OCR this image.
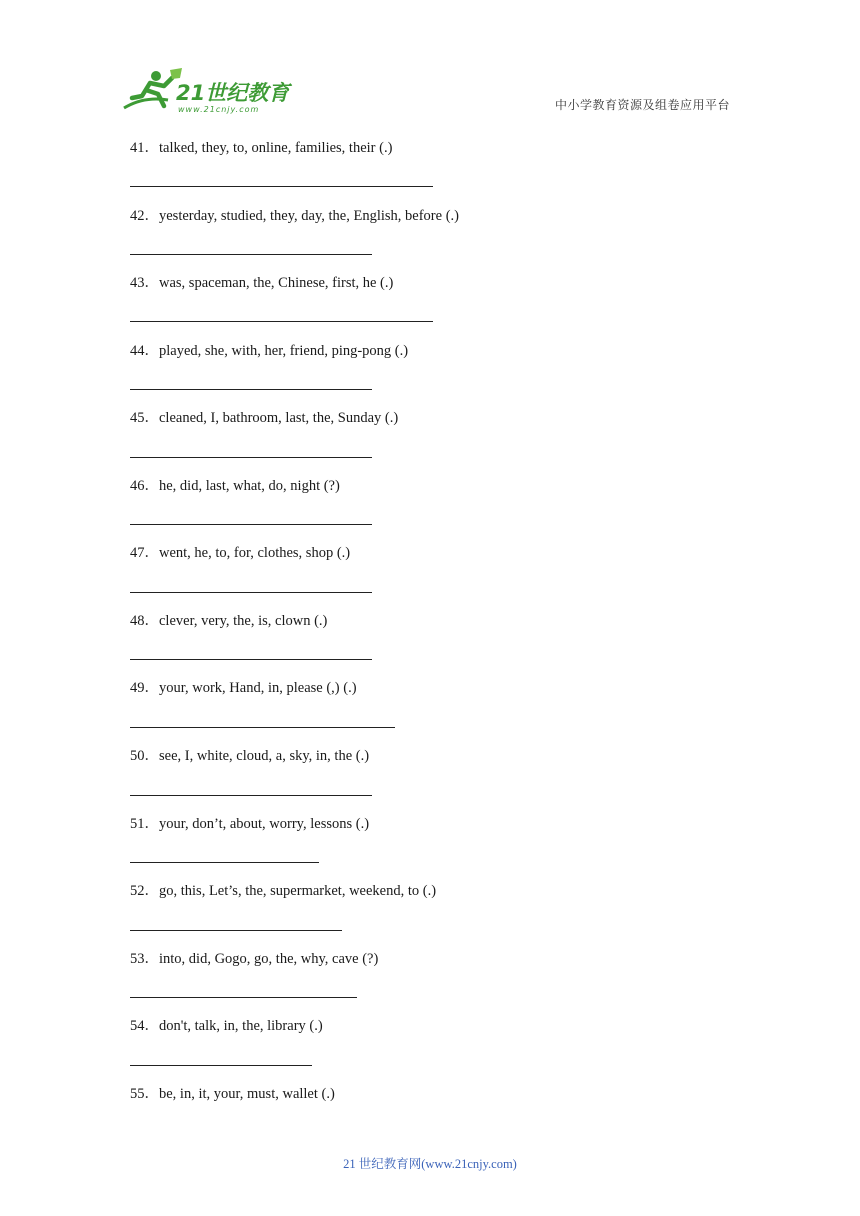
21世纪教育
www.21cnjy.com	中小学教育资源及组卷应用平台
41．talked, they, to, online, families, their (.)
42．yesterday, studied, they, day, the, English, before (.)
43．was, spaceman, the, Chinese, first, he (.)
44．played, she, with, her, friend, ping-pong (.)
45．cleaned, I, bathroom, last, the, Sunday (.)
46．he, did, last, what, do, night (?)
47．went, he, to, for, clothes, shop (.)
48．clever, very, the, is, clown (.)
49．your, work, Hand, in, please (,) (.)
50．see, I, white, cloud, a, sky, in, the (.)
51．your, don’t, about, worry, lessons (.)
52．go, this, Let’s, the, supermarket, weekend, to (.)
53．into, did, Gogo, go, the, why, cave (?)
54．don't, talk, in, the, library (.)
55．be, in, it, your, must, wallet (.)
21 世纪教育网(www.21cnjy.com)
